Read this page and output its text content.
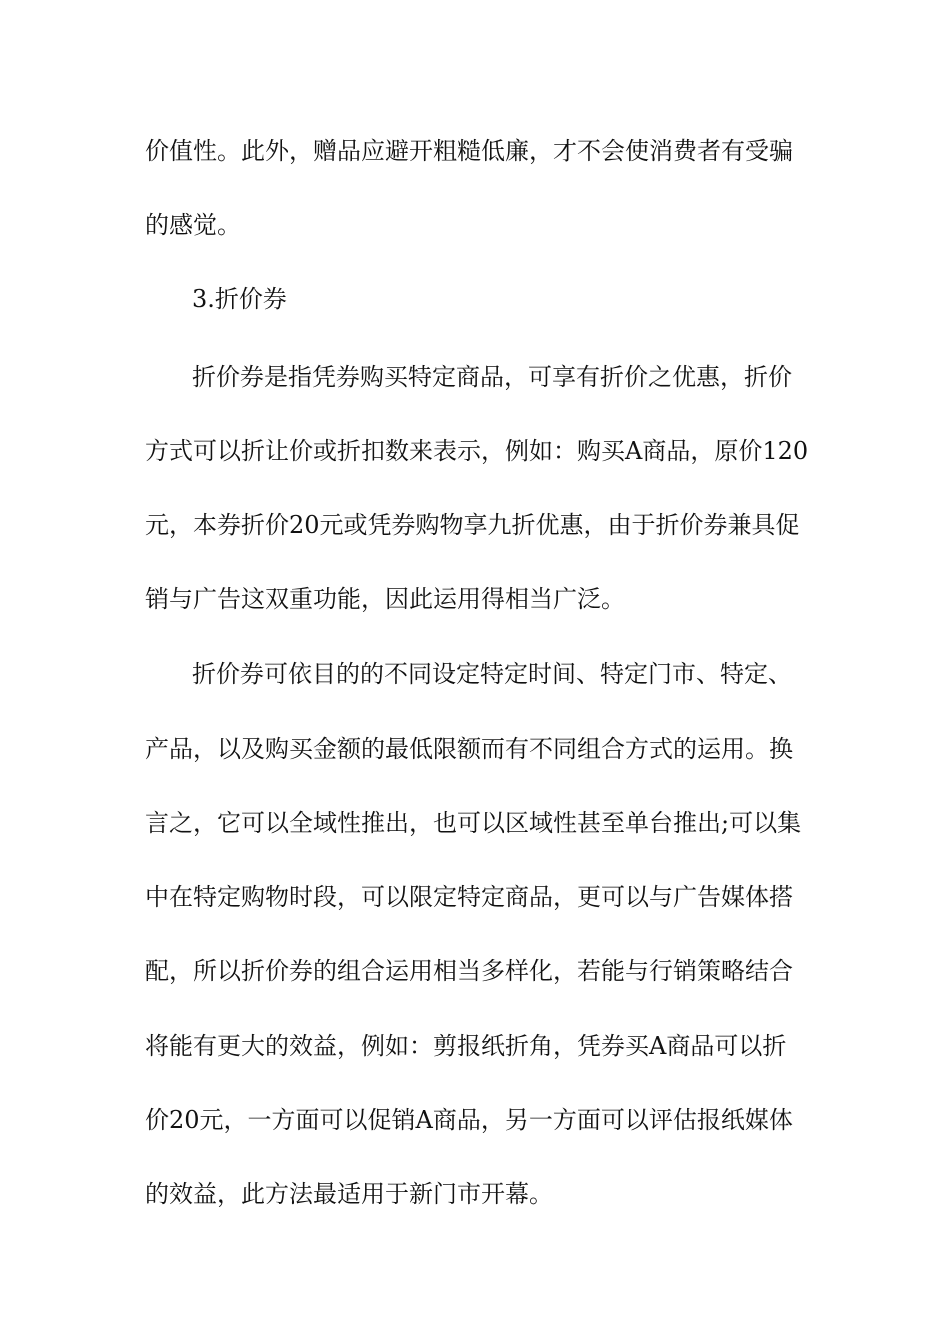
价值性。此外，赠品应避开粗糙低廉，才不会使消费者有受骗

的感觉。

3.折价券

折价券是指凭券购买特定商品，可享有折价之优惠，折价

方式可以折让价或折扣数来表示，例如：购买A商品，原价120

元，本券折价20元或凭券购物享九折优惠，由于折价券兼具促

销与广告这双重功能，因此运用得相当广泛。

折价券可依目的的不同设定特定时间、特定门市、特定、

产品，以及购买金额的最低限额而有不同组合方式的运用。换

言之，它可以全域性推出，也可以区域性甚至单台推出;可以集

中在特定购物时段，可以限定特定商品，更可以与广告媒体搭

配，所以折价券的组合运用相当多样化，若能与行销策略结合

将能有更大的效益，例如：剪报纸折角，凭券买A商品可以折

价20元，一方面可以促销A商品，另一方面可以评估报纸媒体

的效益，此方法最适用于新门市开幕。
